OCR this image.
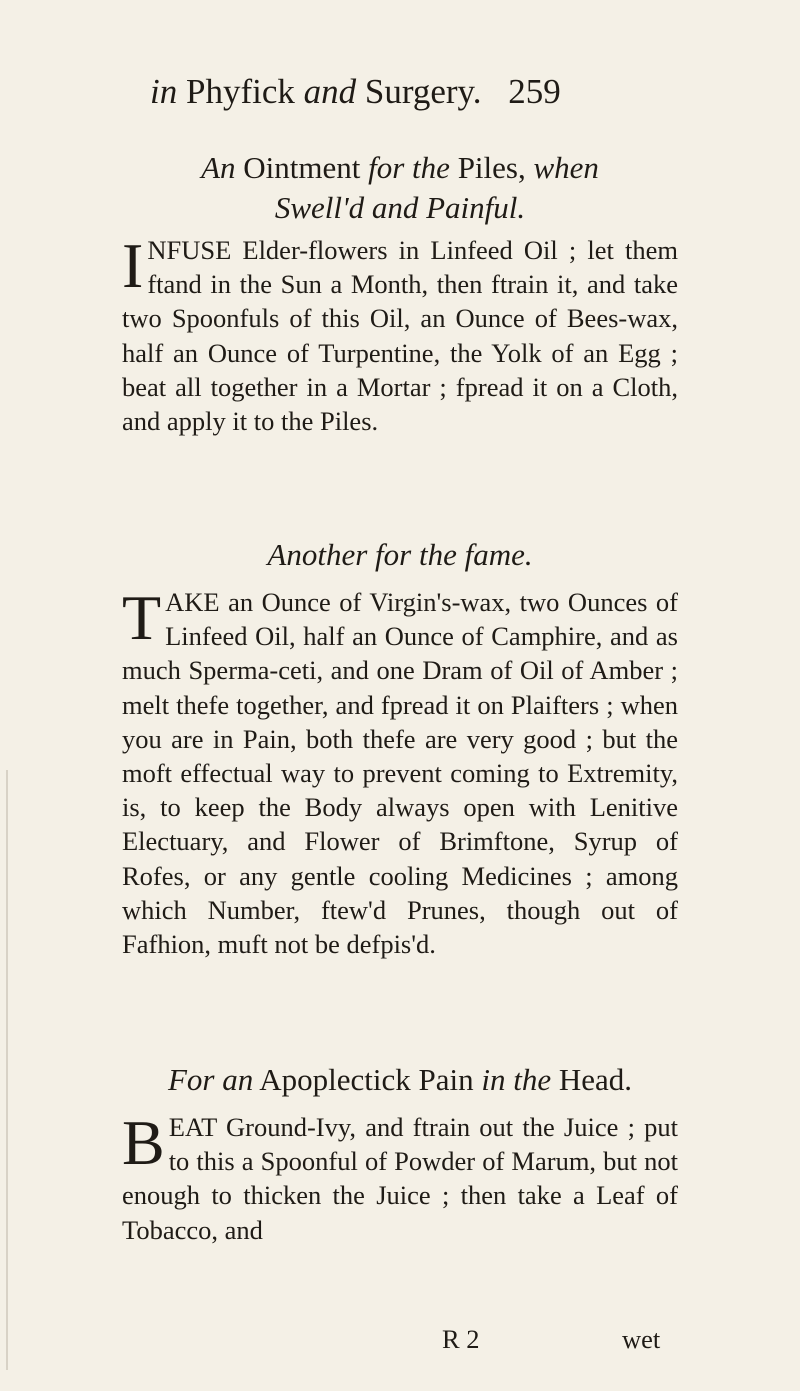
in Phyfick and Surgery. 259
An Ointment for the Piles, when
Swell'd and Painful.
INFUSE Elder-flowers in Linfeed Oil ; let them ftand in the Sun a Month, then ftrain it, and take two Spoonfuls of this Oil, an Ounce of Bees-wax, half an Ounce of Turpentine, the Yolk of an Egg ; beat all together in a Mortar ; fpread it on a Cloth, and apply it to the Piles.
Another for the fame.
TAKE an Ounce of Virgin's-wax, two Ounces of Linfeed Oil, half an Ounce of Camphire, and as much Sperma-ceti, and one Dram of Oil of Amber ; melt thefe together, and fpread it on Plaifters ; when you are in Pain, both thefe are very good ; but the moft effectual way to prevent coming to Extremity, is, to keep the Body always open with Lenitive Electuary, and Flower of Brimftone, Syrup of Rofes, or any gentle cooling Medicines ; among which Number, ftew'd Prunes, though out of Fafhion, muft not be defpis'd.
For an Apoplectick Pain in the Head.
BEAT Ground-Ivy, and ftrain out the Juice ; put to this a Spoonful of Powder of Marum, but not enough to thicken the Juice ; then take a Leaf of Tobacco, and
R 2	wet
